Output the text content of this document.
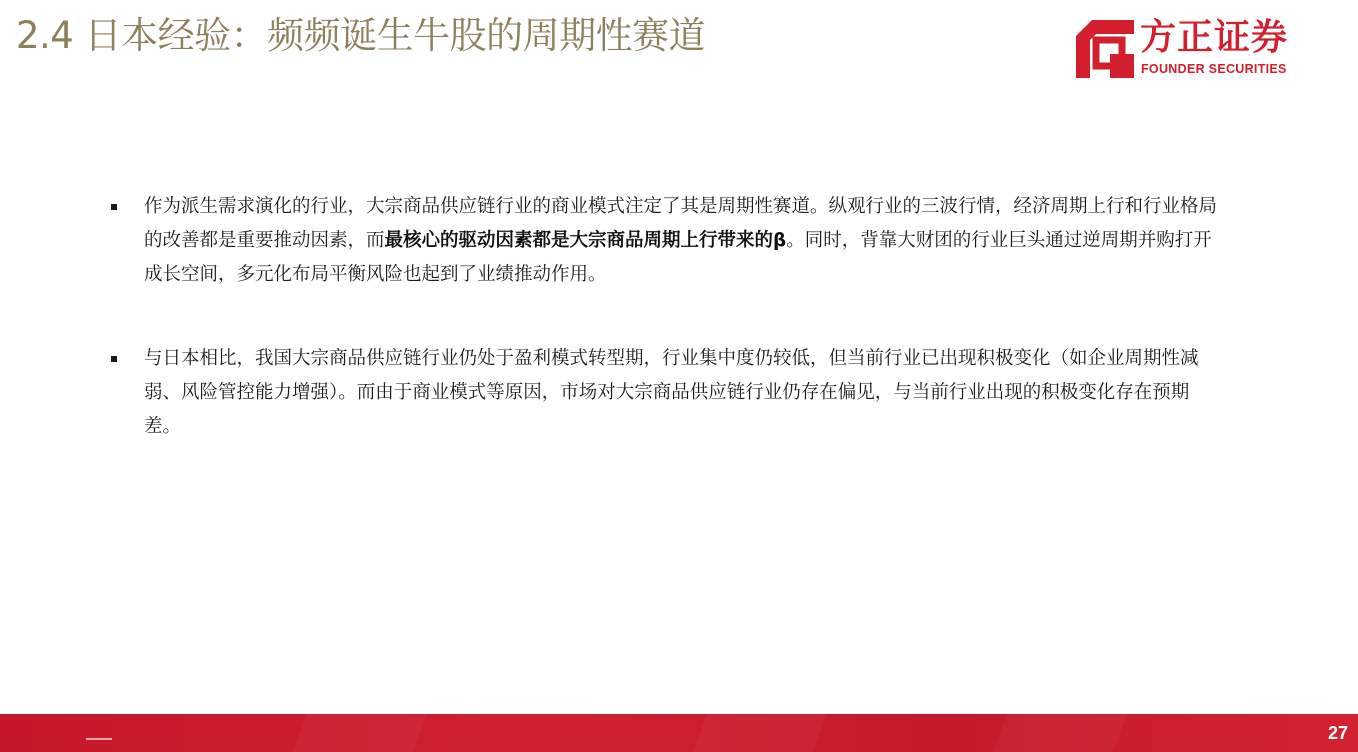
2.4 日本经验：频频诞生牛股的周期性赛道	方正证券
FOUNDER SECURITIES
作为派生需求演化的行业，大宗商品供应链行业的商业模式注定了其是周期性赛道。纵观行业的三波行情，经济周期上行和行业格局的改善都是重要推动因素，而最核心的驱动因素都是大宗商品周期上行带来的β。同时，背靠大财团的行业巨头通过逆周期并购打开成长空间，多元化布局平衡风险也起到了业绩推动作用。
与日本相比，我国大宗商品供应链行业仍处于盈利模式转型期，行业集中度仍较低，但当前行业已出现积极变化（如企业周期性减弱、风险管控能力增强）。而由于商业模式等原因，市场对大宗商品供应链行业仍存在偏见，与当前行业出现的积极变化存在预期差。
27
